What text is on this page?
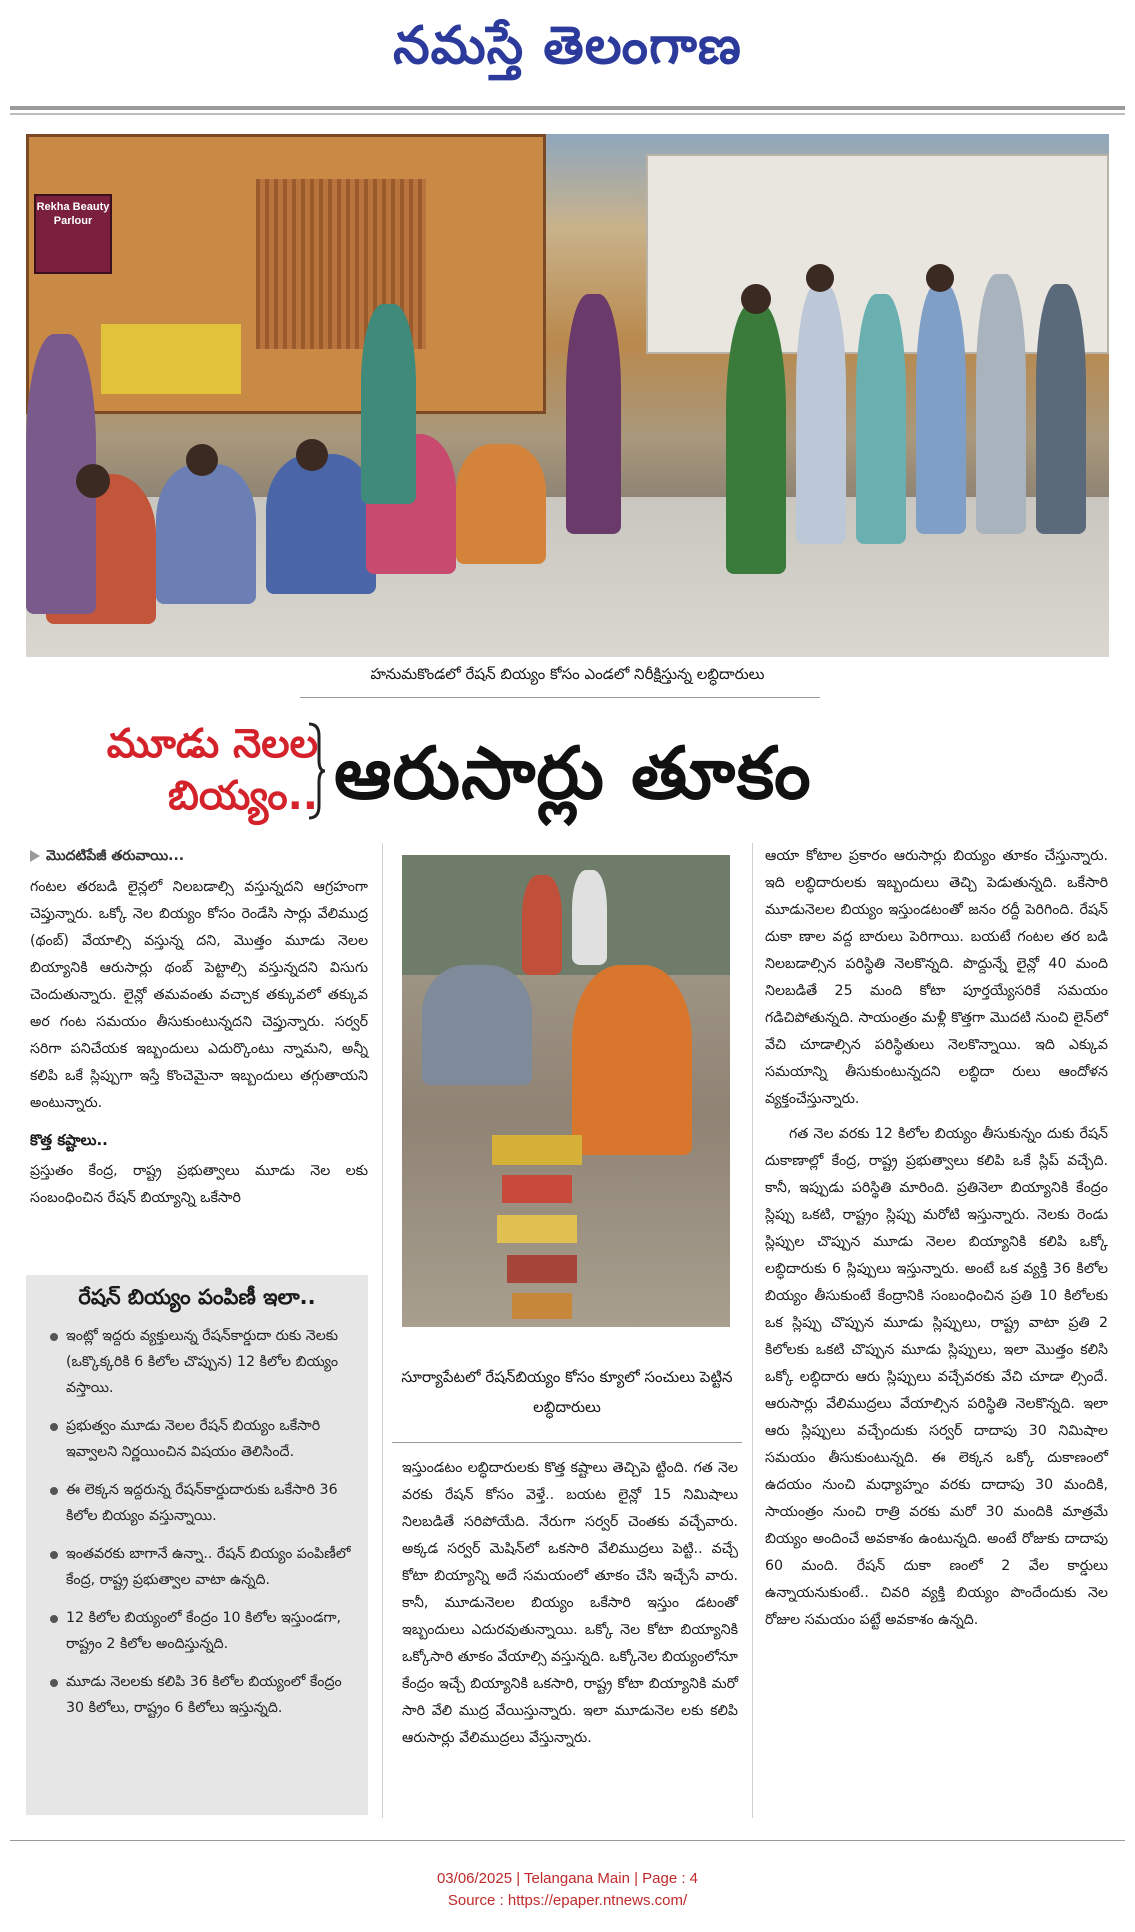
నమస్తే తెలంగాణ
Rekha Beauty Parlour
హనుమకొండలో రేషన్ బియ్యం కోసం ఎండలో నిరీక్షిస్తున్న లబ్ధిదారులు
మూడు నెలల
బియ్యం.. ఆరుసార్లు తూకం
మొదటిపేజీ తరువాయి...

గంటల తరబడి లైన్లలో నిలబడాల్సి వస్తున్నదని ఆగ్రహంగా చెప్తున్నారు. ఒక్కో నెల బియ్యం కోసం రెండేసి సార్లు వేలిముద్ర (థంబ్) వేయాల్సి వస్తున్న దని, మొత్తం మూడు నెలల బియ్యానికి ఆరుసార్లు థంబ్ పెట్టాల్సి వస్తున్నదని విసుగు చెందుతున్నారు. లైన్లో తమవంతు వచ్చాక తక్కువలో తక్కువ అర గంట సమయం తీసుకుంటున్నదని చెప్తున్నారు. సర్వర్ సరిగా పనిచేయక ఇబ్బందులు ఎదుర్కొంటు న్నామని, అన్నీ కలిపి ఒకే స్లిప్పుగా ఇస్తే కొంచెమైనా ఇబ్బందులు తగ్గుతాయని అంటున్నారు.

కొత్త కష్టాలు..

ప్రస్తుతం కేంద్ర, రాష్ట్ర ప్రభుత్వాలు మూడు నెల లకు సంబంధించిన రేషన్ బియ్యాన్ని ఒకేసారి

రేషన్ బియ్యం పంపిణీ ఇలా..
ఇంట్లో ఇద్దరు వ్యక్తులున్న రేషన్‌కార్డుదా రుకు నెలకు (ఒక్కొక్కరికి 6 కిలోల చొప్పున) 12 కిలోల బియ్యం వస్తాయి.
ప్రభుత్వం మూడు నెలల రేషన్ బియ్యం ఒకేసారి ఇవ్వాలని నిర్ణయించిన విషయం తెలిసిందే.
ఈ లెక్కన ఇద్దరున్న రేషన్‌కార్డుదారుకు ఒకేసారి 36 కిలోల బియ్యం వస్తున్నాయి.
ఇంతవరకు బాగానే ఉన్నా.. రేషన్ బియ్యం పంపిణీలో కేంద్ర, రాష్ట్ర ప్రభుత్వాల వాటా ఉన్నది.
12 కిలోల బియ్యంలో కేంద్రం 10 కిలోల ఇస్తుండగా, రాష్ట్రం 2 కిలోల అందిస్తున్నది.
మూడు నెలలకు కలిపి 36 కిలోల బియ్యంలో కేంద్రం 30 కిలోలు, రాష్ట్రం 6 కిలోలు ఇస్తున్నది.
సూర్యాపేటలో రేషన్‌బియ్యం కోసం క్యూలో సంచులు పెట్టిన లబ్ధిదారులు

ఇస్తుండటం లబ్ధిదారులకు కొత్త కష్టాలు తెచ్చిపె ట్టింది. గత నెల వరకు రేషన్ కోసం వెళ్తే.. బయట లైన్లో 15 నిమిషాలు నిలబడితే సరిపోయేది. నేరుగా సర్వర్ చెంతకు వచ్చేవారు. అక్కడ సర్వర్ మెషిన్‌లో ఒకసారి వేలిముద్రలు పెట్టి.. వచ్చే కోటా బియ్యాన్ని అదే సమయంలో తూకం చేసి ఇచ్చేసే వారు. కానీ, మూడునెలల బియ్యం ఒకేసారి ఇస్తుం డటంతో ఇబ్బందులు ఎదురవుతున్నాయి. ఒక్కో నెల కోటా బియ్యానికి ఒక్కోసారి తూకం వేయాల్సి వస్తున్నది. ఒక్కోనెల బియ్యంలోనూ కేంద్రం ఇచ్చే బియ్యానికి ఒకసారి, రాష్ట్ర కోటా బియ్యానికి మరో సారి వేలి ముద్ర వేయిస్తున్నారు. ఇలా మూడునెల లకు కలిపి ఆరుసార్లు వేలిముద్రలు వేస్తున్నారు.

ఆయా కోటాల ప్రకారం ఆరుసార్లు బియ్యం తూకం చేస్తున్నారు. ఇది లబ్ధిదారులకు ఇబ్బందులు తెచ్చి పెడుతున్నది. ఒకేసారి మూడునెలల బియ్యం ఇస్తుండటంతో జనం రద్దీ పెరిగింది. రేషన్ దుకా ణాల వద్ద బారులు పెరిగాయి. బయటే గంటల తర బడి నిలబడాల్సిన పరిస్థితి నెలకొన్నది. పొద్దున్నే లైన్లో 40 మంది నిలబడితే 25 మంది కోటా పూర్తయ్యేసరికే సమయం గడిచిపోతున్నది. సాయంత్రం మళ్లీ కొత్తగా మొదటి నుంచి లైన్‌లో వేచి చూడాల్సిన పరిస్థితులు నెలకొన్నాయి. ఇది ఎక్కువ సమయాన్ని తీసుకుంటున్నదని లబ్ధిదా రులు ఆందోళన వ్యక్తంచేస్తున్నారు.

గత నెల వరకు 12 కిలోల బియ్యం తీసుకున్నం దుకు రేషన్ దుకాణాల్లో కేంద్ర, రాష్ట్ర ప్రభుత్వాలు కలిపి ఒకే స్లిప్ వచ్చేది. కానీ, ఇప్పుడు పరిస్థితి మారింది. ప్రతినెలా బియ్యానికి కేంద్రం స్లిప్పు ఒకటి, రాష్ట్రం స్లిప్పు మరోటి ఇస్తున్నారు. నెలకు రెండు స్లిప్పుల చొప్పున మూడు నెలల బియ్యానికి కలిపి ఒక్కో లబ్ధిదారుకు 6 స్లిప్పులు ఇస్తున్నారు. అంటే ఒక వ్యక్తి 36 కిలోల బియ్యం తీసుకుంటే కేంద్రానికి సంబంధించిన ప్రతి 10 కిలోలకు ఒక స్లిప్పు చొప్పున మూడు స్లిప్పులు, రాష్ట్ర వాటా ప్రతి 2 కిలోలకు ఒకటి చొప్పున మూడు స్లిప్పులు, ఇలా మొత్తం కలిసి ఒక్కో లబ్ధిదారు ఆరు స్లిప్పులు వచ్చేవరకు వేచి చూడా ల్సిందే. ఆరుసార్లు వేలిముద్రలు వేయాల్సిన పరిస్థితి నెలకొన్నది. ఇలా ఆరు స్లిప్పులు వచ్చేందుకు సర్వర్ దాదాపు 30 నిమిషాల సమయం తీసుకుంటున్నది. ఈ లెక్కన ఒక్కో దుకాణంలో ఉదయం నుంచి మధ్యాహ్నం వరకు దాదాపు 30 మందికి, సాయంత్రం నుంచి రాత్రి వరకు మరో 30 మందికి మాత్రమే బియ్యం అందించే అవకాశం ఉంటున్నది. అంటే రోజుకు దాదాపు 60 మంది. రేషన్ దుకా ణంలో 2 వేల కార్డులు ఉన్నాయనుకుంటే.. చివరి వ్యక్తి బియ్యం పొందేందుకు నెల రోజుల సమయం పట్టే అవకాశం ఉన్నది.

03/06/2025 | Telangana Main | Page : 4
Source : https://epaper.ntnews.com/
